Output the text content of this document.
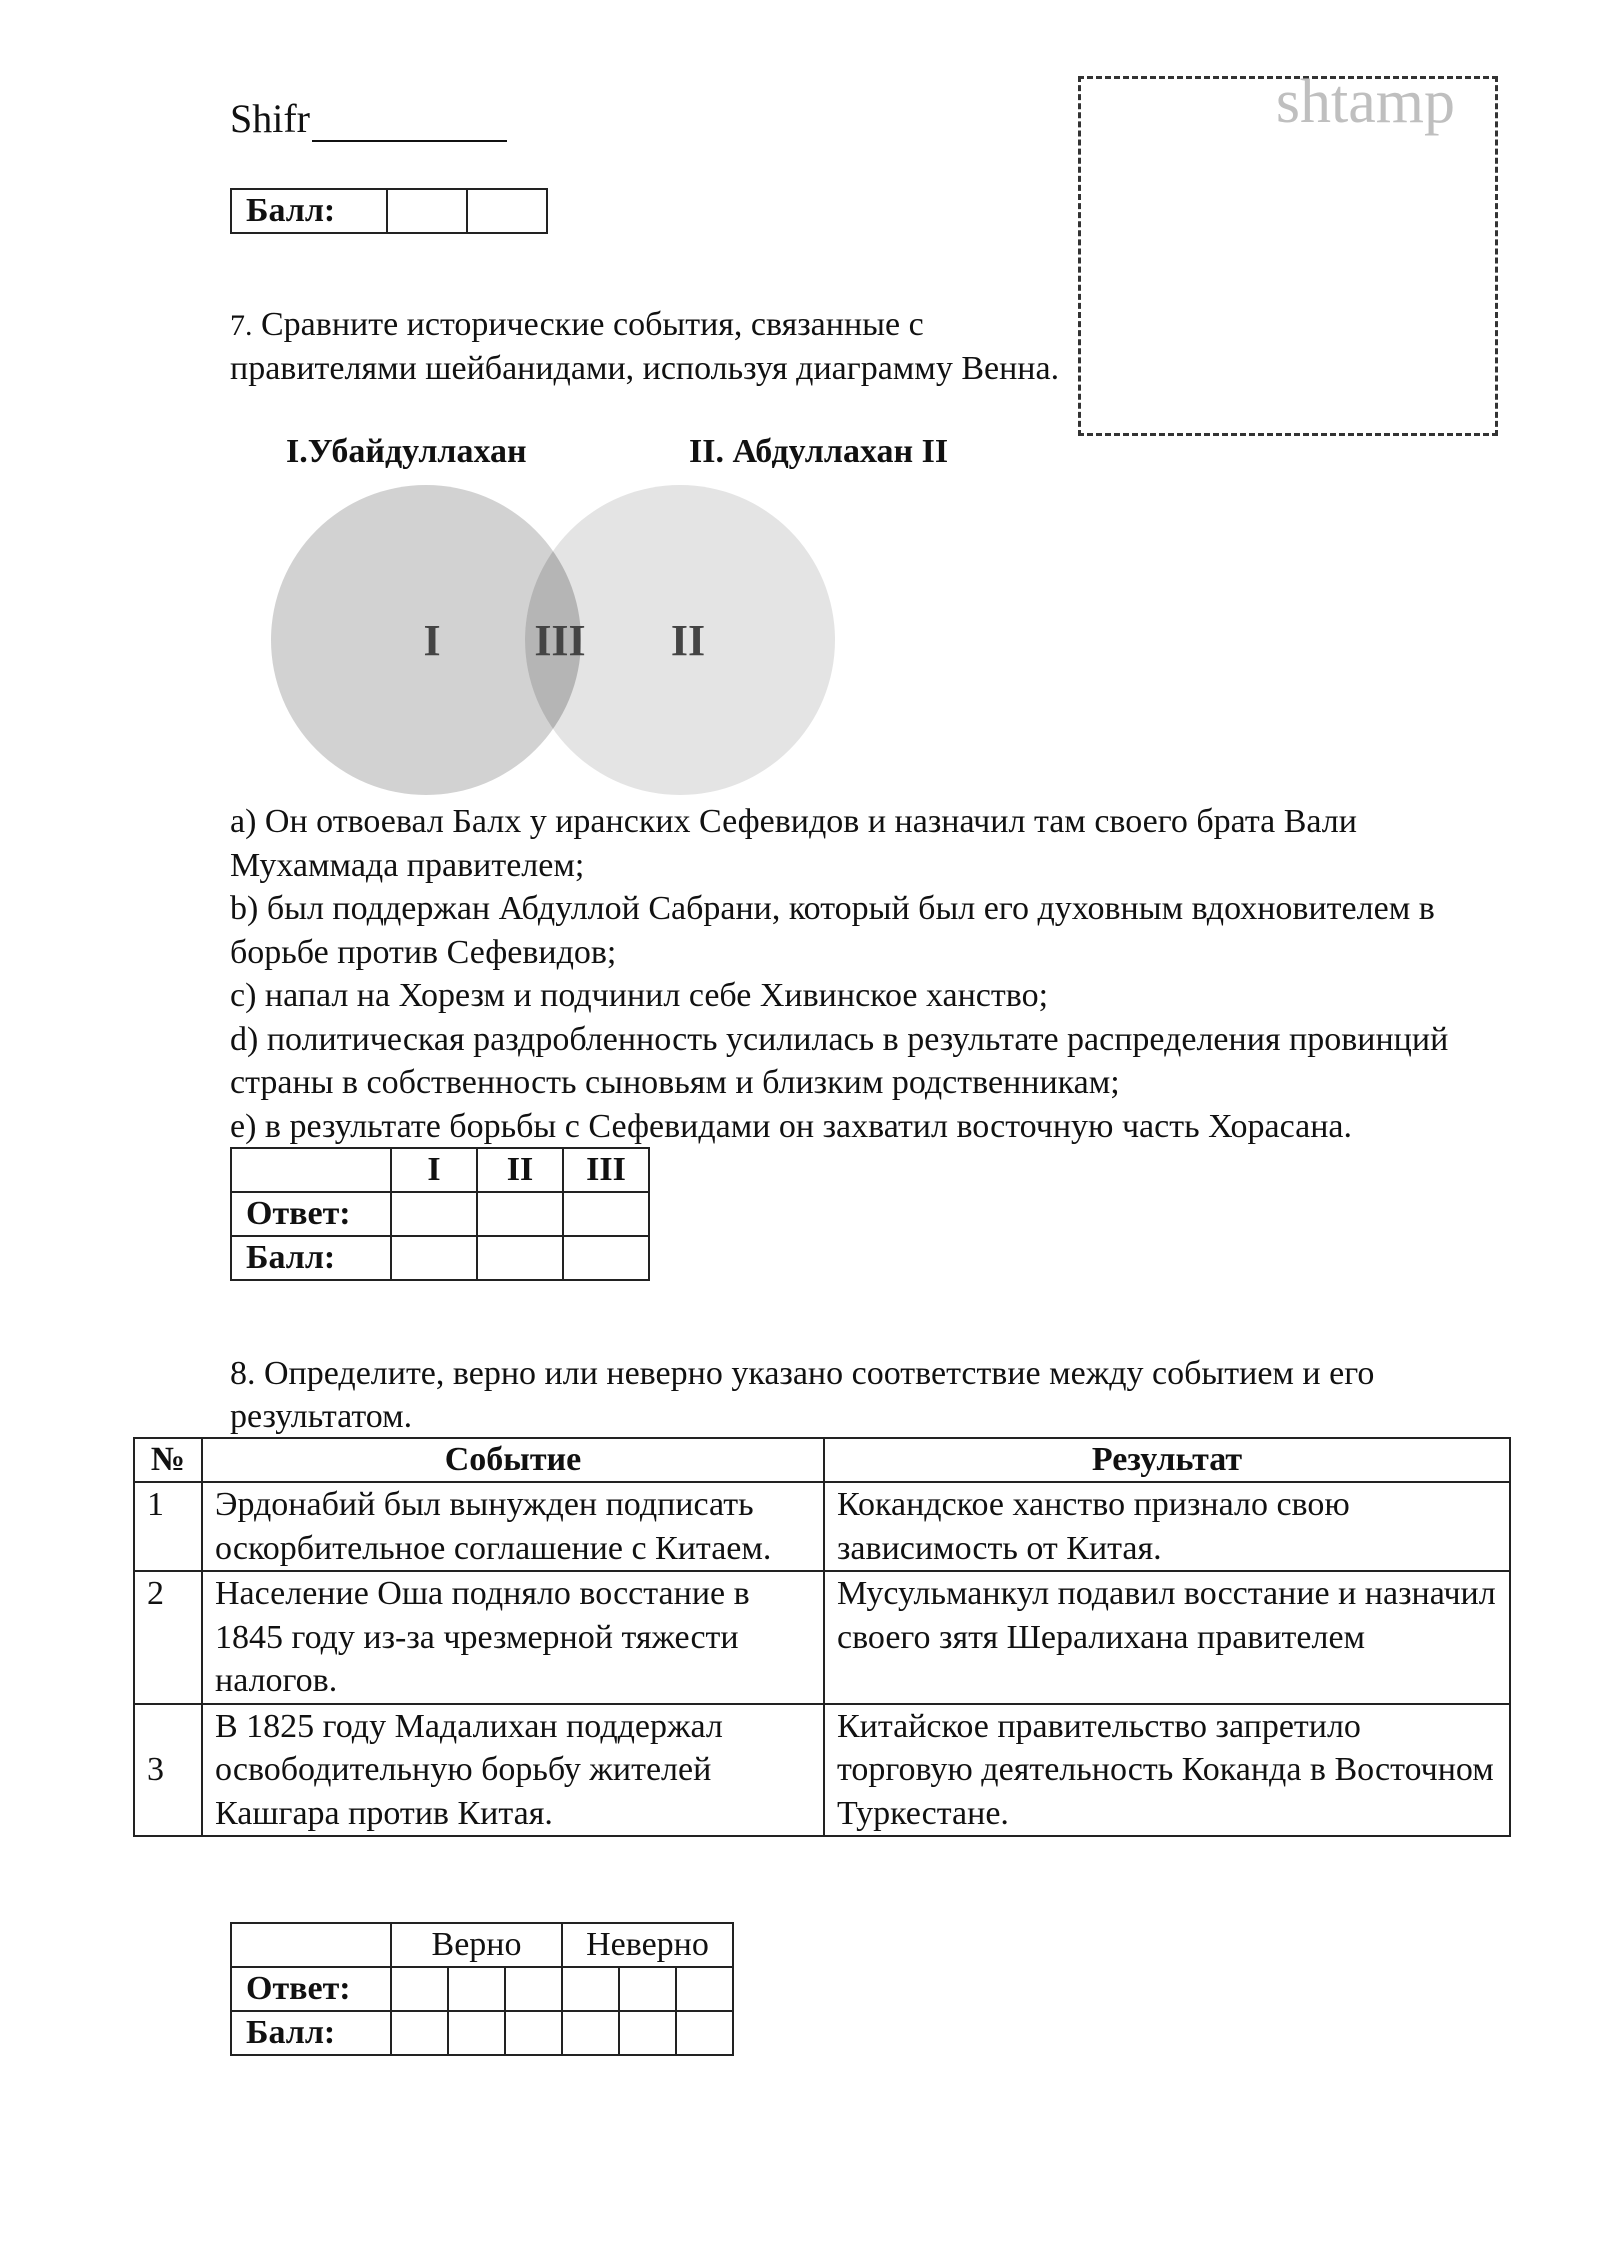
Shifr
Балл:		
shtamp
7. Сравните исторические события, связанные с правителями шейбанидами, используя диаграмму Венна.
I.Убайдуллахан	II. Абдуллахан II
I III II
a) Он отвоевал Балх у иранских Сефевидов и назначил там своего брата Вали Мухаммада правителем;
b) был поддержан Абдуллой Сабрани, который был его духовным вдохновителем в борьбе против Сефевидов;
c) напал на Хорезм и подчинил себе Хивинское ханство;
d) политическая раздробленность усилилась в результате распределения провинций страны в собственность сыновьям и близким родственникам;
e) в результате борьбы с Сефевидами он захватил восточную часть Хорасана.
	I	II	III
Ответ:			
Балл:			
8. Определите, верно или неверно указано соответствие между событием и его результатом.
№	Событие	Результат
1	Эрдонабий был вынужден подписать оскорбительное соглашение с Китаем.	Кокандское ханство признало свою зависимость от Китая.
2	Население Оша подняло восстание в 1845 году из-за чрезмерной тяжести налогов.	Мусульманкул подавил восстание и назначил своего зятя Шералихана правителем
3	В 1825 году Мадалихан поддержал освободительную борьбу жителей Кашгара против Китая.	Китайское правительство запретило торговую деятельность Коканда в Восточном Туркестане.
	Верно			Неверно		
Ответ:						
Балл:						
